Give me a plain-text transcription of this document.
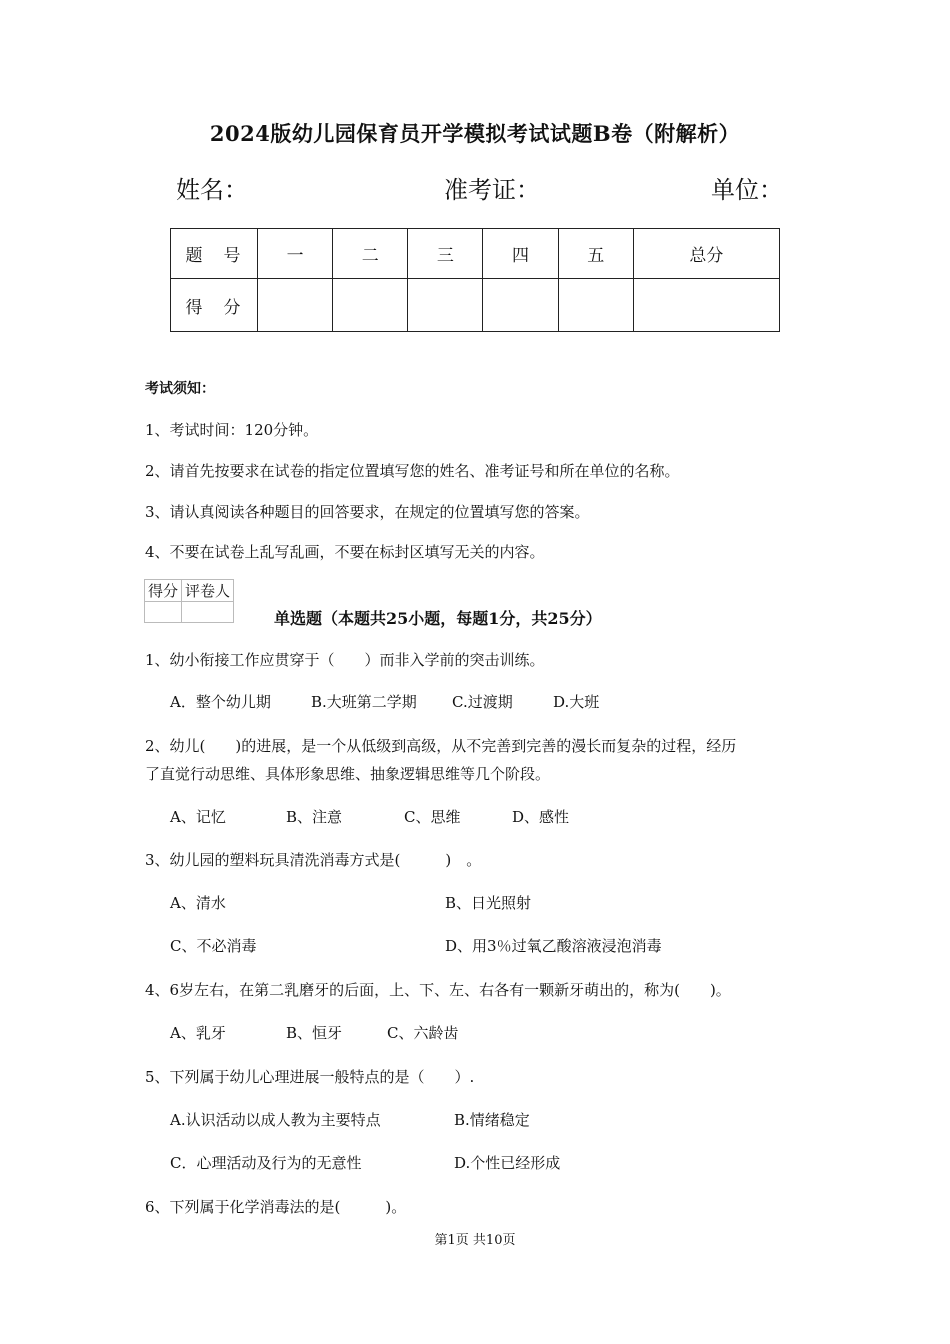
2024版幼儿园保育员开学模拟考试试题B卷（附解析）
姓名：	准考证：	单位：
题　号	一	二	三	四	五	总分
得　分						
考试须知：
1、考试时间：120分钟。
2、请首先按要求在试卷的指定位置填写您的姓名、准考证号和所在单位的名称。
3、请认真阅读各种题目的回答要求，在规定的位置填写您的答案。
4、不要在试卷上乱写乱画，不要在标封区填写无关的内容。
得分	评卷人

单选题（本题共25小题，每题1分，共25分）
1、幼小衔接工作应贯穿于（　　）而非入学前的突击训练。
A．整个幼儿期	B.大班第二学期 C.过渡期	D.大班
2、幼儿(　　)的进展，是一个从低级到高级，从不完善到完善的漫长而复杂的过程，经历
了直觉行动思维、具体形象思维、抽象逻辑思维等几个阶段。
A、记忆	B、注意	C、思维	D、感性
3、幼儿园的塑料玩具清洗消毒方式是(　　　)　。
A、清水	B、日光照射
C、不必消毒	D、用3％过氧乙酸溶液浸泡消毒
4、6岁左右，在第二乳磨牙的后面，上、下、左、右各有一颗新牙萌出的，称为(　　)。
A、乳牙	B、恒牙	C、六龄齿
5、下列属于幼儿心理进展一般特点的是（　　）.
A.认识活动以成人教为主要特点	B.情绪稳定
C．心理活动及行为的无意性	D.个性已经形成
6、下列属于化学消毒法的是(　　　)。
第1页 共10页
